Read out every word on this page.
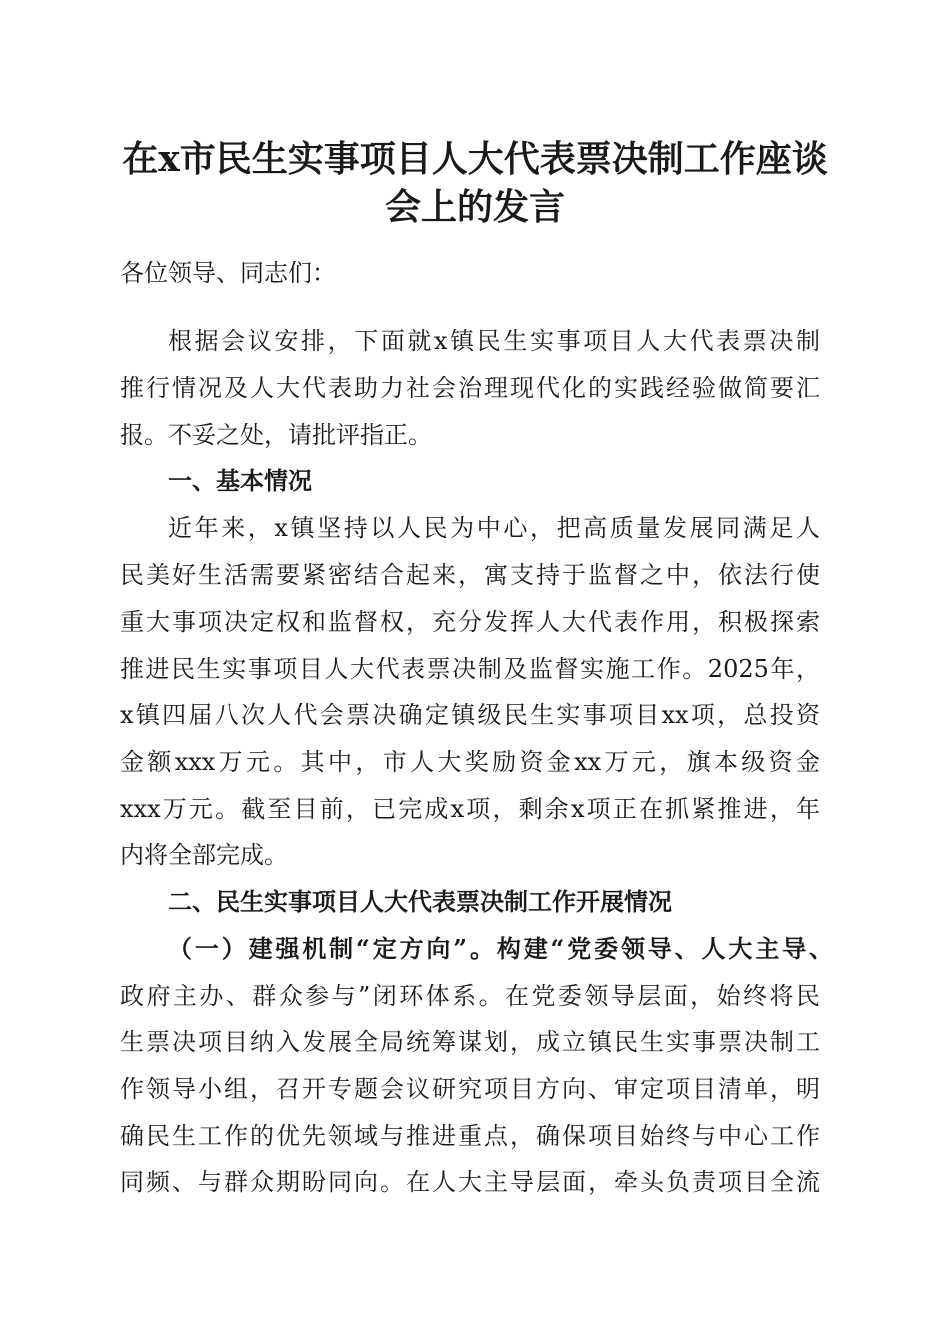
在x市民生实事项目人大代表票决制工作座谈
会上的发言
各位领导、同志们：
根据会议安排，下面就x镇民生实事项目人大代表票决制
推行情况及人大代表助力社会治理现代化的实践经验做简要汇
报。不妥之处，请批评指正。
一、基本情况
近年来，x镇坚持以人民为中心，把高质量发展同满足人
民美好生活需要紧密结合起来，寓支持于监督之中，依法行使
重大事项决定权和监督权，充分发挥人大代表作用，积极探索
推进民生实事项目人大代表票决制及监督实施工作。2025年，
x镇四届八次人代会票决确定镇级民生实事项目xx项，总投资
金额xxx万元。其中，市人大奖励资金xx万元，旗本级资金
xxx万元。截至目前，已完成x项，剩余x项正在抓紧推进，年
内将全部完成。
二、民生实事项目人大代表票决制工作开展情况
（一）建强机制“定方向”。构建“党委领导、人大主导、
政府主办、群众参与”闭环体系。在党委领导层面，始终将民
生票决项目纳入发展全局统筹谋划，成立镇民生实事票决制工
作领导小组，召开专题会议研究项目方向、审定项目清单，明
确民生工作的优先领域与推进重点，确保项目始终与中心工作
同频、与群众期盼同向。在人大主导层面，牵头负责项目全流
